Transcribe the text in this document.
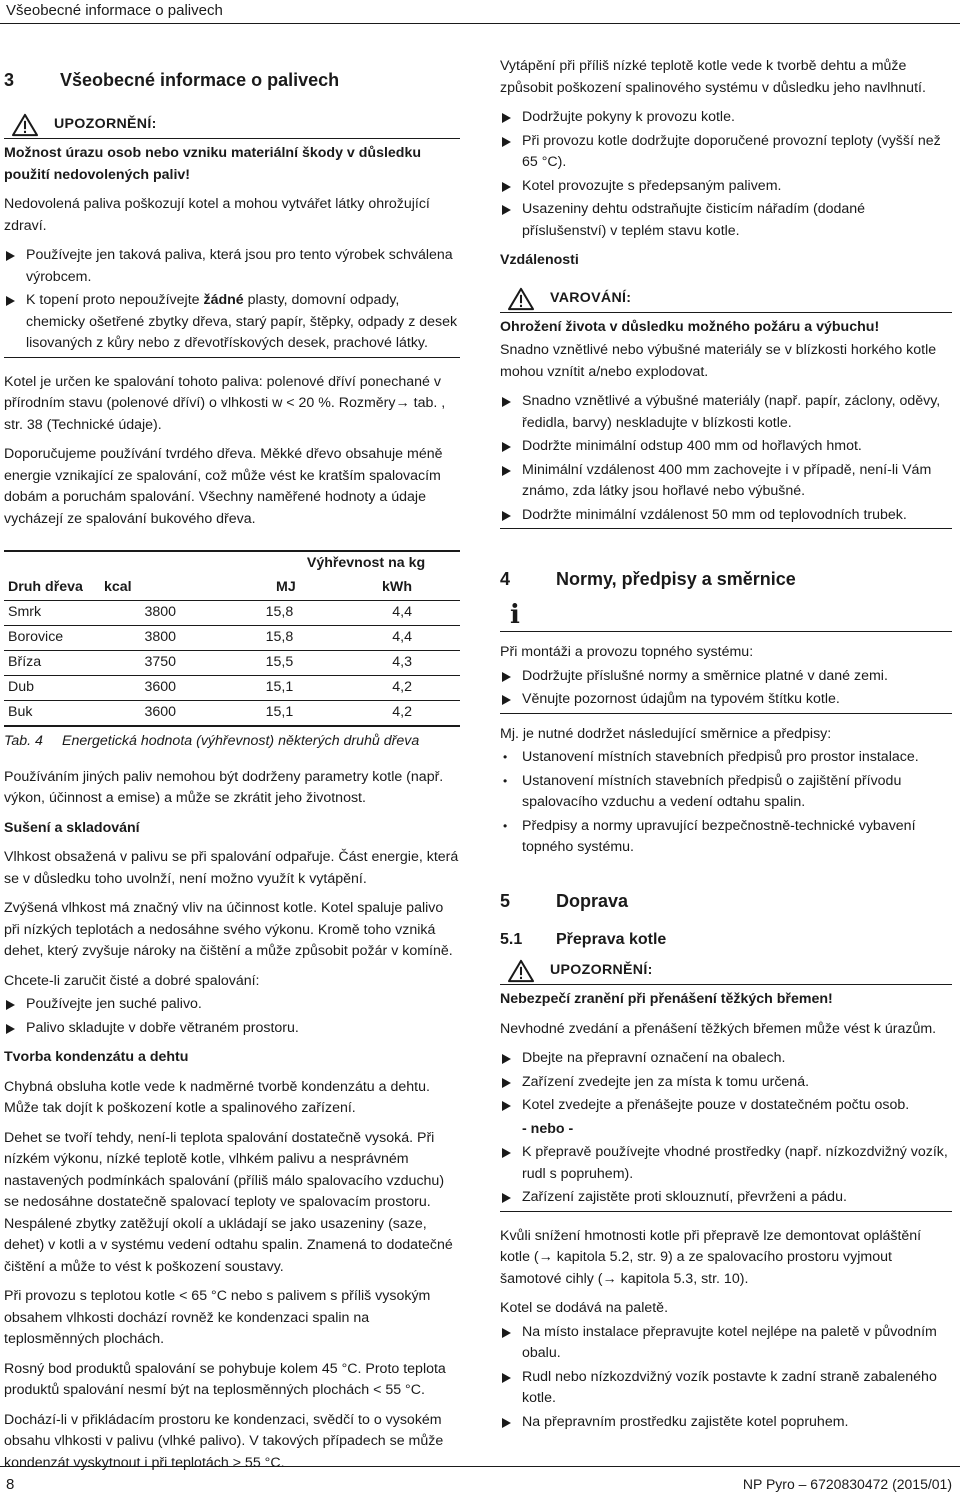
Všeobecné informace o palivech
3	Všeobecné informace o palivech
UPOZORNĚNÍ:

Možnost úrazu osob nebo vzniku materiální škody v důsledku použití nedovolených paliv!

Nedovolená paliva poškozují kotel a mohou vytvářet látky ohrožující zdraví.

Používejte jen taková paliva, která jsou pro tento výrobek schválena výrobcem.
K topení proto nepoužívejte žádné plasty, domovní odpady, chemicky ošetřené zbytky dřeva, starý papír, štěpky, odpady z desek lisovaných z kůry nebo z dřevotřískových desek, prachové látky.

Kotel je určen ke spalování tohoto paliva: polenové dříví ponechané v přírodním stavu (polenové dříví) o vlhkosti w < 20 %. Rozměry→ tab. , str. 38 (Technické údaje).

Doporučujeme používání tvrdého dřeva. Měkké dřevo obsahuje méně energie vznikající ze spalování, což může vést ke kratším spalovacím dobám a poruchám spalování. Všechny naměřené hodnoty a údaje vycházejí ze spalování bukového dřeva.

		Výhřevnost na kg	
Druh dřeva	kcal	MJ	kWh
Smrk	3800	15,8	4,4
Borovice	3800	15,8	4,4
Bříza	3750	15,5	4,3
Dub	3600	15,1	4,2
Buk	3600	15,1	4,2
Tab. 4	Energetická hodnota (výhřevnost) některých druhů dřeva

Používáním jiných paliv nemohou být dodrženy parametry kotle (např. výkon, účinnost a emise) a může se zkrátit jeho životnost.

Sušení a skladování

Vlhkost obsažená v palivu se při spalování odpařuje. Část energie, která se v důsledku toho uvolnží, není možno využít k vytápění.

Zvýšená vlhkost má značný vliv na účinnost kotle. Kotel spaluje palivo při nízkých teplotách a nedosáhne svého výkonu. Kromě toho vzniká dehet, který zvyšuje nároky na čištění a může způsobit požár v komíně.

Chcete-li zaručit čisté a dobré spalování:

Používejte jen suché palivo.
Palivo skladujte v dobře větraném prostoru.

Tvorba kondenzátu a dehtu

Chybná obsluha kotle vede k nadměrné tvorbě kondenzátu a dehtu. Může tak dojít k poškození kotle a spalinového zařízení.

Dehet se tvoří tehdy, není-li teplota spalování dostatečně vysoká. Při nízkém výkonu, nízké teplotě kotle, vlhkém palivu a nesprávném nastavených podmínkách spalování (příliš málo spalovacího vzduchu) se nedosáhne dostatečně spalovací teploty ve spalovacím prostoru. Nespálené zbytky zatěžují okolí a ukládají se jako usazeniny (saze, dehet) v kotli a v systému vedení odtahu spalin. Znamená to dodatečné čištění a může to vést k poškození soustavy.

Při provozu s teplotou kotle < 65 °C nebo s palivem s příliš vysokým obsahem vlhkosti dochází rovněž ke kondenzaci spalin na teplosměnných plochách.

Rosný bod produktů spalování se pohybuje kolem 45 °C. Proto teplota produktů spalování nesmí být na teplosměnných plochách < 55 °C.

Dochází-li v přikládacím prostoru ke kondenzaci, svědčí to o vysokém obsahu vlhkosti v palivu (vlhké palivo). V takových případech se může kondenzát vyskytnout i při teplotách > 55 °C.

Vytápění při příliš nízké teplotě kotle vede k tvorbě dehtu a může způsobit poškození spalinového systému v důsledku jeho navlhnutí.

Dodržujte pokyny k provozu kotle.
Při provozu kotle dodržujte doporučené provozní teploty (vyšší než 65 °C).
Kotel provozujte s předepsaným palivem.
Usazeniny dehtu odstraňujte čisticím nářadím (dodané příslušenství) v teplém stavu kotle.

Vzdálenosti

VAROVÁNÍ:

Ohrožení života v důsledku možného požáru a výbuchu!

Snadno vznětlivé nebo výbušné materiály se v blízkosti horkého kotle mohou vznítit a/nebo explodovat.

Snadno vznětlivé a výbušné materiály (např. papír, záclony, oděvy, ředidla, barvy) neskladujte v blízkosti kotle.
Dodržte minimální odstup 400 mm od hořlavých hmot.
Minimální vzdálenost 400 mm zachovejte i v případě, není-li Vám známo, zda látky jsou hořlavé nebo výbušné.
Dodržte minimální vzdálenost 50 mm od teplovodních trubek.
4	Normy, předpisy a směrnice
i

Při montáži a provozu topného systému:

Dodržujte příslušné normy a směrnice platné v dané zemi.
Věnujte pozornost údajům na typovém štítku kotle.

Mj. je nutné dodržet následující směrnice a předpisy:

• Ustanovení místních stavebních předpisů pro prostor instalace.
• Ustanovení místních stavebních předpisů o zajištění přívodu spalovacího vzduchu a vedení odtahu spalin.
• Předpisy a normy upravující bezpečnostně-technické vybavení topného systému.
5	Doprava
5.1	Přeprava kotle
UPOZORNĚNÍ:

Nebezpečí zranění při přenášení těžkých břemen!

Nevhodné zvedání a přenášení těžkých břemen může vést k úrazům.

Dbejte na přepravní označení na obalech.
Zařízení zvedejte jen za místa k tomu určená.
Kotel zvedejte a přenášejte pouze v dostatečném počtu osob.
- nebo -
K přepravě používejte vhodné prostředky (např. nízkozdvižný vozík, rudl s popruhem).
Zařízení zajistěte proti sklouznutí, převrženi a pádu.

Kvůli snížení hmotnosti kotle při přepravě lze demontovat opláštění kotle (→ kapitola 5.2, str. 9) a ze spalovacího prostoru vyjmout šamotové cihly (→ kapitola 5.3, str. 10).

Kotel se dodává na paletě.

Na místo instalace přepravujte kotel nejlépe na paletě v původním obalu.
Rudl nebo nízkozdvižný vozík postavte k zadní straně zabaleného kotle.
Na přepravním prostředku zajistěte kotel popruhem.
8	NP Pyro – 6720830472 (2015/01)
